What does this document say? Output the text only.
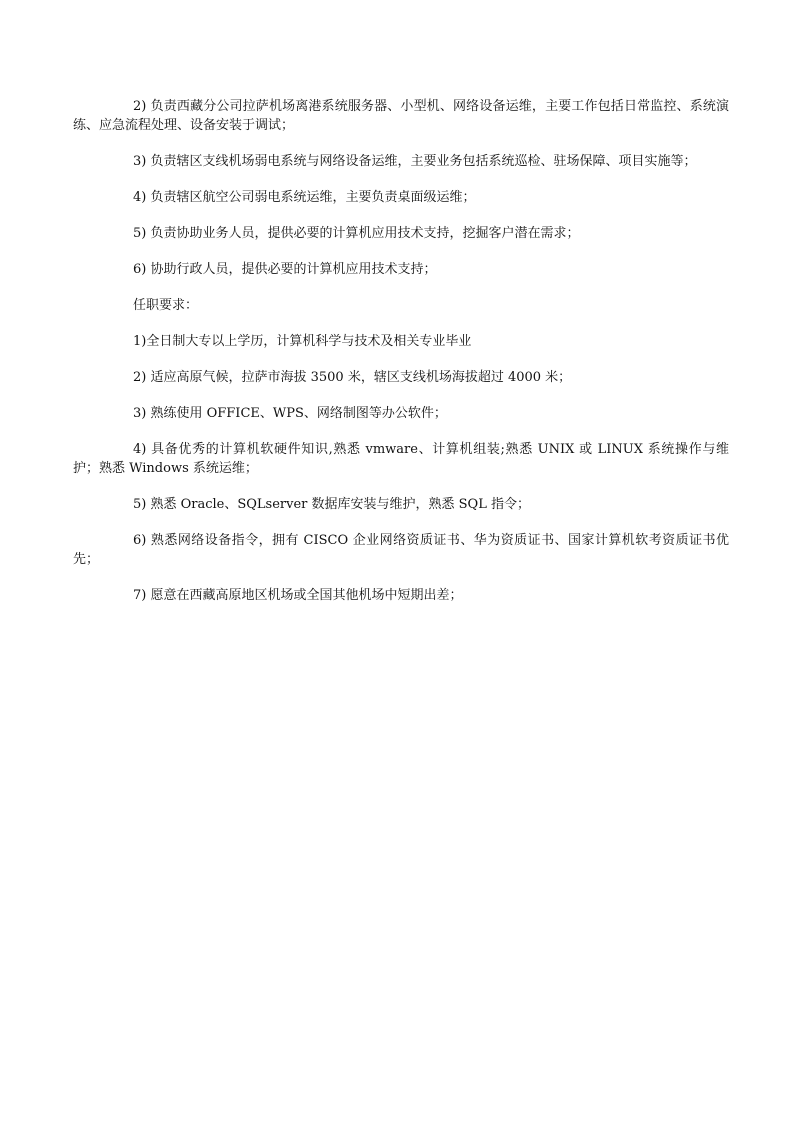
2) 负责西藏分公司拉萨机场离港系统服务器、小型机、网络设备运维，主要工作包括日常监控、系统演练、应急流程处理、设备安装于调试；

3) 负责辖区支线机场弱电系统与网络设备运维，主要业务包括系统巡检、驻场保障、项目实施等；

4) 负责辖区航空公司弱电系统运维，主要负责桌面级运维；

5) 负责协助业务人员，提供必要的计算机应用技术支持，挖掘客户潜在需求；

6) 协助行政人员，提供必要的计算机应用技术支持；

任职要求：

1)全日制大专以上学历，计算机科学与技术及相关专业毕业

2) 适应高原气候，拉萨市海拔 3500 米，辖区支线机场海拔超过 4000 米；

3) 熟练使用 OFFICE、WPS、网络制图等办公软件；

4) 具备优秀的计算机软硬件知识,熟悉 vmware、计算机组装;熟悉 UNIX 或 LINUX 系统操作与维护；熟悉 Windows 系统运维；

5) 熟悉 Oracle、SQLserver 数据库安装与维护，熟悉 SQL 指令；

6) 熟悉网络设备指令，拥有 CISCO 企业网络资质证书、华为资质证书、国家计算机软考资质证书优先；

7) 愿意在西藏高原地区机场或全国其他机场中短期出差；
